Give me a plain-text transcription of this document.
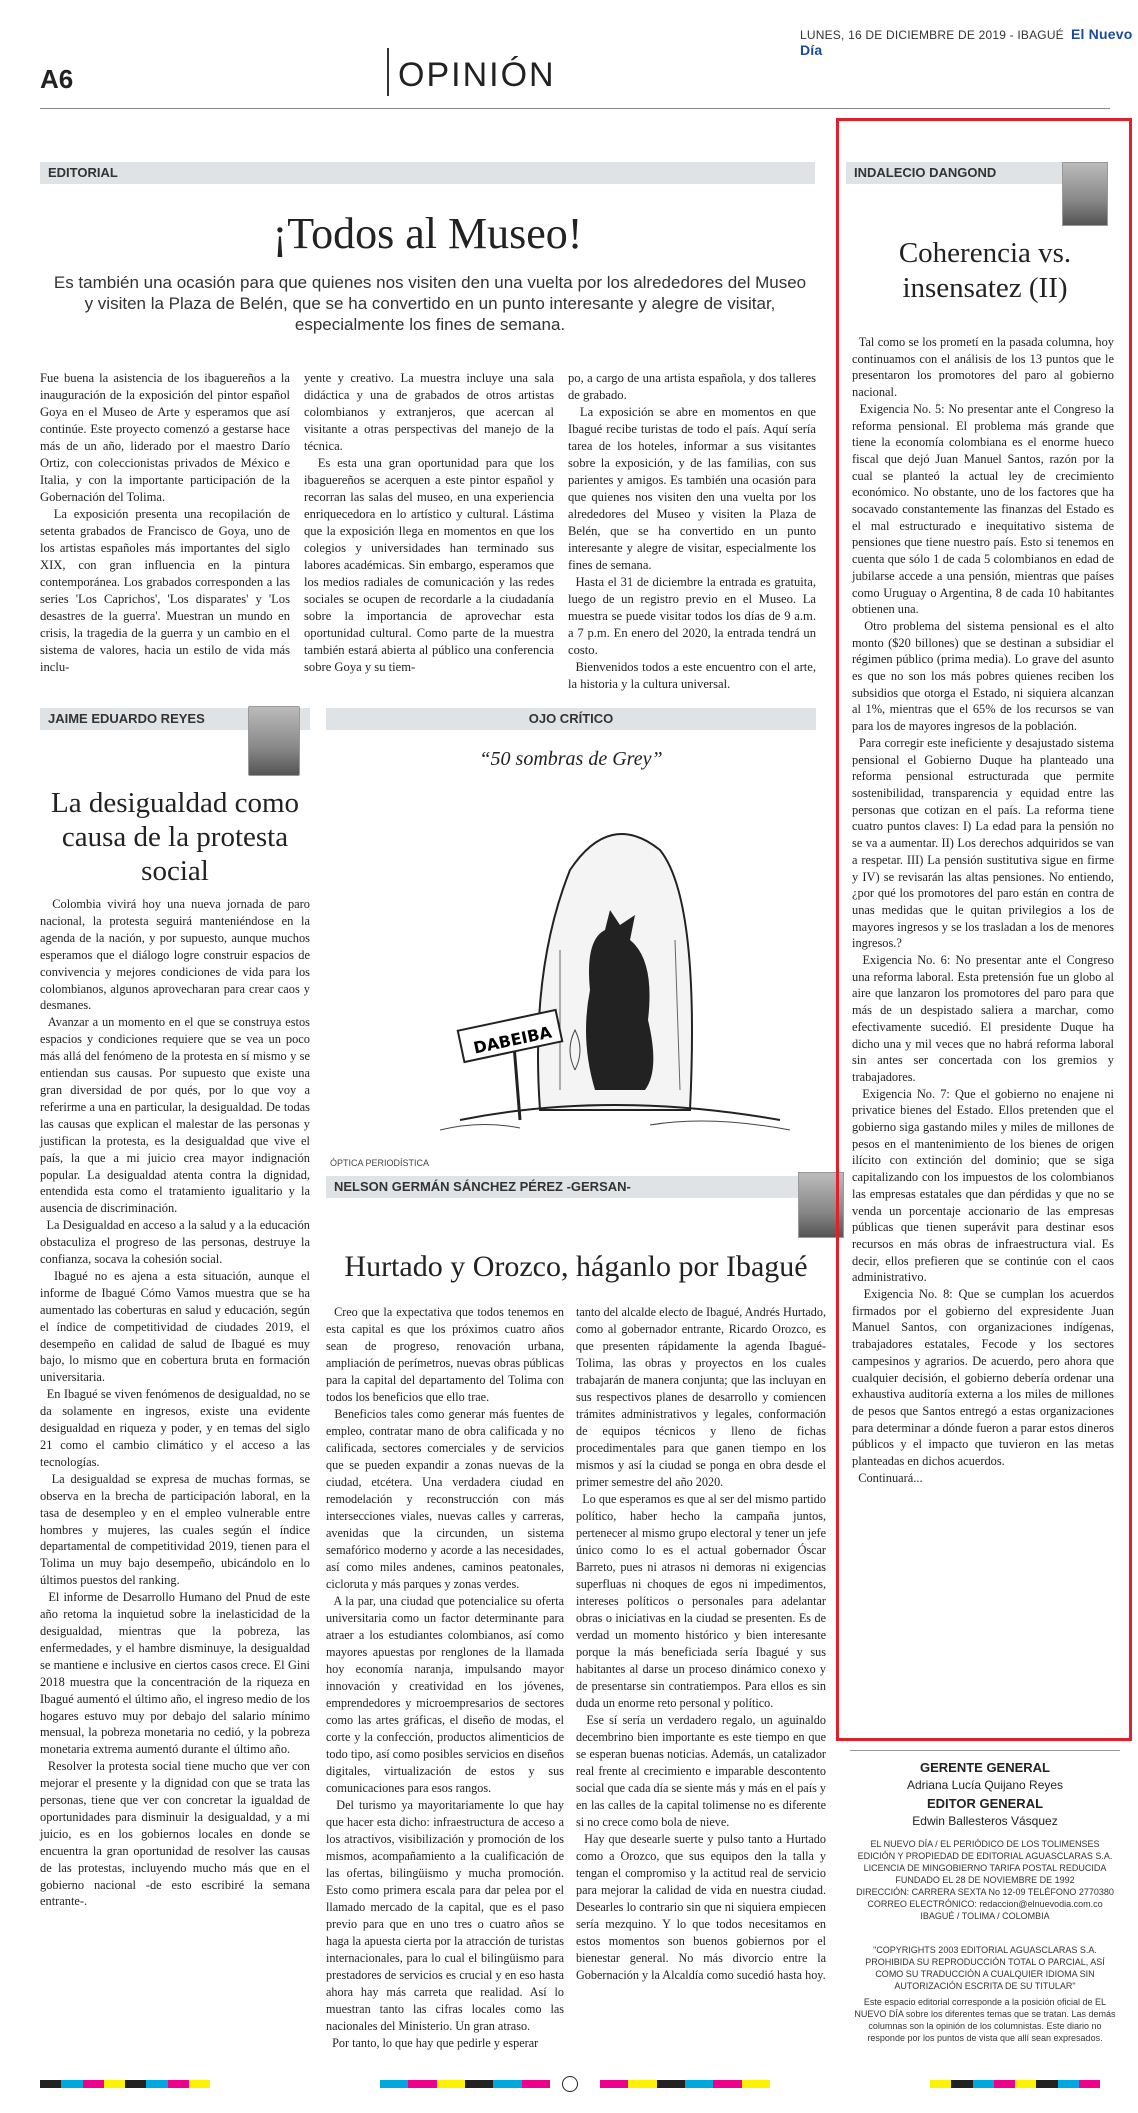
LUNES, 16 DE DICIEMBRE DE 2019 - IBAGUÉ El Nuevo Día
A6	OPINIÓN
EDITORIAL
¡Todos al Museo!
Es también una ocasión para que quienes nos visiten den una vuelta por los alrededores del Museo y visiten la Plaza de Belén, que se ha convertido en un punto interesante y alegre de visitar, especialmente los fines de semana.
Fue buena la asistencia de los ibaguereños a la inauguración de la exposición del pintor español Goya en el Museo de Arte y esperamos que así continúe. Este proyecto comenzó a gestarse hace más de un año, liderado por el maestro Darío Ortiz, con coleccionistas privados de México e Italia, y con la importante participación de la Gobernación del Tolima.
La exposición presenta una recopilación de setenta grabados de Francisco de Goya, uno de los artistas españoles más importantes del siglo XIX, con gran influencia en la pintura contemporánea. Los grabados corresponden a las series 'Los Caprichos', 'Los disparates' y 'Los desastres de la guerra'. Muestran un mundo en crisis, la tragedia de la guerra y un cambio en el sistema de valores, hacia un estilo de vida más inclu-
yente y creativo. La muestra incluye una sala didáctica y una de grabados de otros artistas colombianos y extranjeros, que acercan al visitante a otras perspectivas del manejo de la técnica.
Es esta una gran oportunidad para que los ibaguereños se acerquen a este pintor español y recorran las salas del museo, en una experiencia enriquecedora en lo artístico y cultural. Lástima que la exposición llega en momentos en que los colegios y universidades han terminado sus labores académicas. Sin embargo, esperamos que los medios radiales de comunicación y las redes sociales se ocupen de recordarle a la ciudadanía sobre la importancia de aprovechar esta oportunidad cultural. Como parte de la muestra también estará abierta al público una conferencia sobre Goya y su tiem-
po, a cargo de una artista española, y dos talleres de grabado.
La exposición se abre en momentos en que Ibagué recibe turistas de todo el país. Aquí sería tarea de los hoteles, informar a sus visitantes sobre la exposición, y de las familias, con sus parientes y amigos. Es también una ocasión para que quienes nos visiten den una vuelta por los alrededores del Museo y visiten la Plaza de Belén, que se ha convertido en un punto interesante y alegre de visitar, especialmente los fines de semana.
Hasta el 31 de diciembre la entrada es gratuita, luego de un registro previo en el Museo. La muestra se puede visitar todos los días de 9 a.m. a 7 p.m. En enero del 2020, la entrada tendrá un costo.
Bienvenidos todos a este encuentro con el arte, la historia y la cultura universal.
JAIME EDUARDO REYES
La desigualdad como causa de la protesta social
Colombia vivirá hoy una nueva jornada de paro nacional, la protesta seguirá manteniéndose en la agenda de la nación, y por supuesto, aunque muchos esperamos que el diálogo logre construir espacios de convivencia y mejores condiciones de vida para los colombianos, algunos aprovecharan para crear caos y desmanes.
Avanzar a un momento en el que se construya estos espacios y condiciones requiere que se vea un poco más allá del fenómeno de la protesta en sí mismo y se entiendan sus causas. Por supuesto que existe una gran diversidad de por qués, por lo que voy a referirme a una en particular, la desigualdad. De todas las causas que explican el malestar de las personas y justifican la protesta, es la desigualdad que vive el país, la que a mi juicio crea mayor indignación popular. La desigualdad atenta contra la dignidad, entendida esta como el tratamiento igualitario y la ausencia de discriminación.
La Desigualdad en acceso a la salud y a la educación obstaculiza el progreso de las personas, destruye la confianza, socava la cohesión social.
Ibagué no es ajena a esta situación, aunque el informe de Ibagué Cómo Vamos muestra que se ha aumentado las coberturas en salud y educación, según el índice de competitividad de ciudades 2019, el desempeño en calidad de salud de Ibagué es muy bajo, lo mismo que en cobertura bruta en formación universitaria.
En Ibagué se viven fenómenos de desigualdad, no se da solamente en ingresos, existe una evidente desigualdad en riqueza y poder, y en temas del siglo 21 como el cambio climático y el acceso a las tecnologías.
La desigualdad se expresa de muchas formas, se observa en la brecha de participación laboral, en la tasa de desempleo y en el empleo vulnerable entre hombres y mujeres, las cuales según el índice departamental de competitividad 2019, tienen para el Tolima un muy bajo desempeño, ubicándolo en lo últimos puestos del ranking.
El informe de Desarrollo Humano del Pnud de este año retoma la inquietud sobre la inelasticidad de la desigualdad, mientras que la pobreza, las enfermedades, y el hambre disminuye, la desigualdad se mantiene e inclusive en ciertos casos crece. El Gini 2018 muestra que la concentración de la riqueza en Ibagué aumentó el último año, el ingreso medio de los hogares estuvo muy por debajo del salario mínimo mensual, la pobreza monetaria no cedió, y la pobreza monetaria extrema aumentó durante el último año.
Resolver la protesta social tiene mucho que ver con mejorar el presente y la dignidad con que se trata las personas, tiene que ver con concretar la igualdad de oportunidades para disminuir la desigualdad, y a mi juicio, es en los gobiernos locales en donde se encuentra la gran oportunidad de resolver las causas de las protestas, incluyendo mucho más que en el gobierno nacional -de esto escribiré la semana entrante-.
OJO CRÍTICO
“50 sombras de Grey”
DABEIBA
ÓPTICA PERIODÍSTICA
NELSON GERMÁN SÁNCHEZ PÉREZ -GERSAN-
Hurtado y Orozco, háganlo por Ibagué
Creo que la expectativa que todos tenemos en esta capital es que los próximos cuatro años sean de progreso, renovación urbana, ampliación de perímetros, nuevas obras públicas para la capital del departamento del Tolima con todos los beneficios que ello trae.
Beneficios tales como generar más fuentes de empleo, contratar mano de obra calificada y no calificada, sectores comerciales y de servicios que se pueden expandir a zonas nuevas de la ciudad, etcétera. Una verdadera ciudad en remodelación y reconstrucción con más intersecciones viales, nuevas calles y carreras, avenidas que la circunden, un sistema semafórico moderno y acorde a las necesidades, así como miles andenes, caminos peatonales, cicloruta y más parques y zonas verdes.
A la par, una ciudad que potencialice su oferta universitaria como un factor determinante para atraer a los estudiantes colombianos, así como mayores apuestas por renglones de la llamada hoy economía naranja, impulsando mayor innovación y creatividad en los jóvenes, emprendedores y microempresarios de sectores como las artes gráficas, el diseño de modas, el corte y la confección, productos alimenticios de todo tipo, así como posibles servicios en diseños digitales, virtualización de estos y sus comunicaciones para esos rangos.
Del turismo ya mayoritariamente lo que hay que hacer esta dicho: infraestructura de acceso a los atractivos, visibilización y promoción de los mismos, acompañamiento a la cualificación de las ofertas, bilingüismo y mucha promoción. Esto como primera escala para dar pelea por el llamado mercado de la capital, que es el paso previo para que en uno tres o cuatro años se haga la apuesta cierta por la atracción de turistas internacionales, para lo cual el bilingüismo para prestadores de servicios es crucial y en eso hasta ahora hay más carreta que realidad. Así lo muestran tanto las cifras locales como las nacionales del Ministerio. Un gran atraso.
Por tanto, lo que hay que pedirle y esperar
tanto del alcalde electo de Ibagué, Andrés Hurtado, como al gobernador entrante, Ricardo Orozco, es que presenten rápidamente la agenda Ibagué-Tolima, las obras y proyectos en los cuales trabajarán de manera conjunta; que las incluyan en sus respectivos planes de desarrollo y comiencen trámites administrativos y legales, conformación de equipos técnicos y lleno de fichas procedimentales para que ganen tiempo en los mismos y así la ciudad se ponga en obra desde el primer semestre del año 2020.
Lo que esperamos es que al ser del mismo partido político, haber hecho la campaña juntos, pertenecer al mismo grupo electoral y tener un jefe único como lo es el actual gobernador Óscar Barreto, pues ni atrasos ni demoras ni exigencias superfluas ni choques de egos ni impedimentos, intereses políticos o personales para adelantar obras o iniciativas en la ciudad se presenten. Es de verdad un momento histórico y bien interesante porque la más beneficiada sería Ibagué y sus habitantes al darse un proceso dinámico conexo y de presentarse sin contratiempos. Para ellos es sin duda un enorme reto personal y político.
Ese sí sería un verdadero regalo, un aguinaldo decembrino bien importante es este tiempo en que se esperan buenas noticias. Además, un catalizador real frente al crecimiento e imparable descontento social que cada día se siente más y más en el país y en las calles de la capital tolimense no es diferente si no crece como bola de nieve.
Hay que desearle suerte y pulso tanto a Hurtado como a Orozco, que sus equipos den la talla y tengan el compromiso y la actitud real de servicio para mejorar la calidad de vida en nuestra ciudad. Desearles lo contrario sin que ni siquiera empiecen sería mezquino. Y lo que todos necesitamos en estos momentos son buenos gobiernos por el bienestar general. No más divorcio entre la Gobernación y la Alcaldía como sucedió hasta hoy.
INDALECIO DANGOND
Coherencia vs. insensatez (II)
Tal como se los prometí en la pasada columna, hoy continuamos con el análisis de los 13 puntos que le presentaron los promotores del paro al gobierno nacional.
Exigencia No. 5: No presentar ante el Congreso la reforma pensional. El problema más grande que tiene la economía colombiana es el enorme hueco fiscal que dejó Juan Manuel Santos, razón por la cual se planteó la actual ley de crecimiento económico. No obstante, uno de los factores que ha socavado constantemente las finanzas del Estado es el mal estructurado e inequitativo sistema de pensiones que tiene nuestro país. Esto si tenemos en cuenta que sólo 1 de cada 5 colombianos en edad de jubilarse accede a una pensión, mientras que países como Uruguay o Argentina, 8 de cada 10 habitantes obtienen una.
Otro problema del sistema pensional es el alto monto ($20 billones) que se destinan a subsidiar el régimen público (prima media). Lo grave del asunto es que no son los más pobres quienes reciben los subsidios que otorga el Estado, ni siquiera alcanzan al 1%, mientras que el 65% de los recursos se van para los de mayores ingresos de la población.
Para corregir este ineficiente y desajustado sistema pensional el Gobierno Duque ha planteado una reforma pensional estructurada que permite sostenibilidad, transparencia y equidad entre las personas que cotizan en el país. La reforma tiene cuatro puntos claves: I) La edad para la pensión no se va a aumentar. II) Los derechos adquiridos se van a respetar. III) La pensión sustitutiva sigue en firme y IV) se revisarán las altas pensiones. No entiendo, ¿por qué los promotores del paro están en contra de unas medidas que le quitan privilegios a los de mayores ingresos y se los trasladan a los de menores ingresos.?
Exigencia No. 6: No presentar ante el Congreso una reforma laboral. Esta pretensión fue un globo al aire que lanzaron los promotores del paro para que más de un despistado saliera a marchar, como efectivamente sucedió. El presidente Duque ha dicho una y mil veces que no habrá reforma laboral sin antes ser concertada con los gremios y trabajadores.
Exigencia No. 7: Que el gobierno no enajene ni privatice bienes del Estado. Ellos pretenden que el gobierno siga gastando miles y miles de millones de pesos en el mantenimiento de los bienes de origen ilícito con extinción del dominio; que se siga capitalizando con los impuestos de los colombianos las empresas estatales que dan pérdidas y que no se venda un porcentaje accionario de las empresas públicas que tienen superávit para destinar esos recursos en más obras de infraestructura vial. Es decir, ellos prefieren que se continúe con el caos administrativo.
Exigencia No. 8: Que se cumplan los acuerdos firmados por el gobierno del expresidente Juan Manuel Santos, con organizaciones indígenas, trabajadores estatales, Fecode y los sectores campesinos y agrarios. De acuerdo, pero ahora que cualquier decisión, el gobierno debería ordenar una exhaustiva auditoría externa a los miles de millones de pesos que Santos entregó a estas organizaciones para determinar a dónde fueron a parar estos dineros públicos y el impacto que tuvieron en las metas planteadas en dichos acuerdos.
Continuará...
GERENTE GENERAL
Adriana Lucía Quijano Reyes
EDITOR GENERAL
Edwin Ballesteros Vásquez
EL NUEVO DÍA / EL PERIÓDICO DE LOS TOLIMENSES
EDICIÓN Y PROPIEDAD DE EDITORIAL AGUASCLARAS S.A.
LICENCIA DE MINGOBIERNO TARIFA POSTAL REDUCIDA
FUNDADO EL 28 DE NOVIEMBRE DE 1992
DIRECCIÓN: CARRERA SEXTA No 12-09 TELÉFONO 2770380
CORREO ELECTRÓNICO: redaccion@elnuevodia.com.co
IBAGUÉ / TOLIMA / COLOMBIA
"COPYRIGHTS 2003 EDITORIAL AGUASCLARAS S.A. PROHIBIDA SU REPRODUCCIÓN TOTAL O PARCIAL, ASÍ COMO SU TRADUCCIÓN A CUALQUIER IDIOMA SIN AUTORIZACIÓN ESCRITA DE SU TITULAR"
Este espacio editorial corresponde a la posición oficial de EL NUEVO DÍA sobre los diferentes temas que se tratan. Las demás columnas son la opinión de los columnistas. Este diario no responde por los puntos de vista que allí sean expresados.
